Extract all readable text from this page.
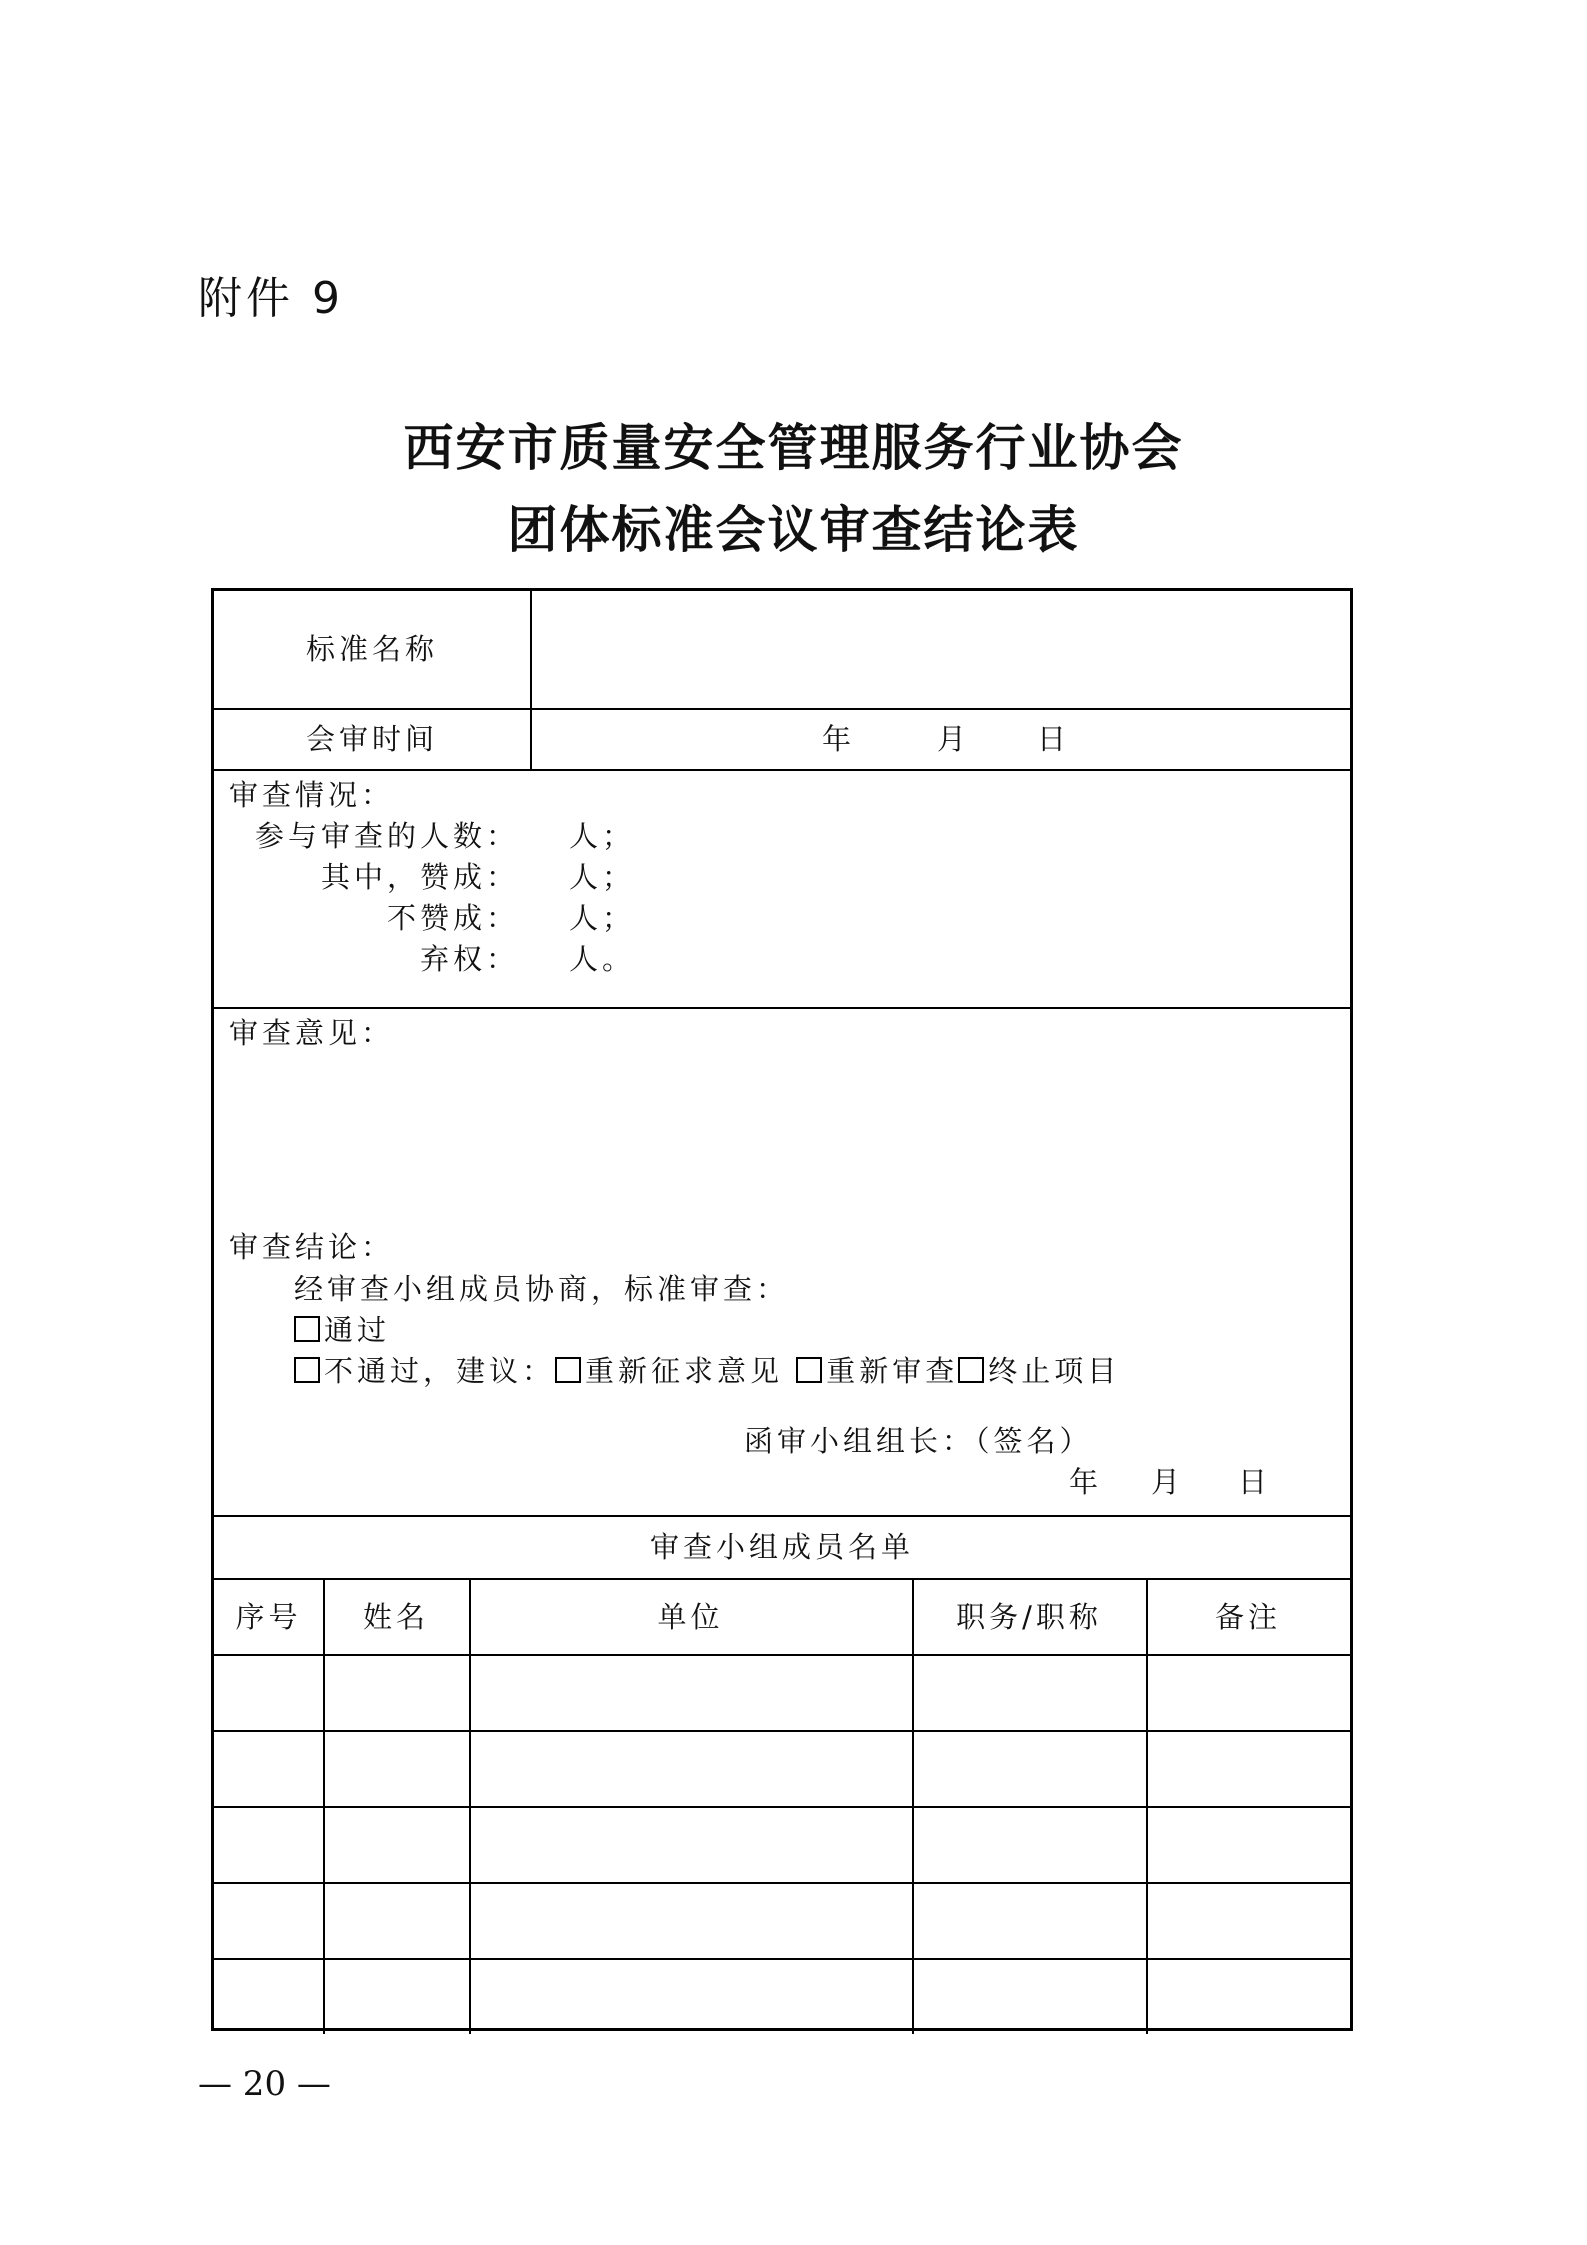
附件 9
西安市质量安全管理服务行业协会
团体标准会议审查结论表
标准名称
会审时间	年	月 日
审查情况：
参与审查的人数： 人；
其中，赞成： 人；
不赞成： 人；
弃权： 人。
审查意见：
审查结论：
经审查小组成员协商，标准审查：
通过
不通过，建议： 重新征求意见 重新审查 终止项目
函审小组组长：（签名）
年 月 日
审查小组成员名单
序号	姓名	单位	职务/职称	备注
— 20 —
